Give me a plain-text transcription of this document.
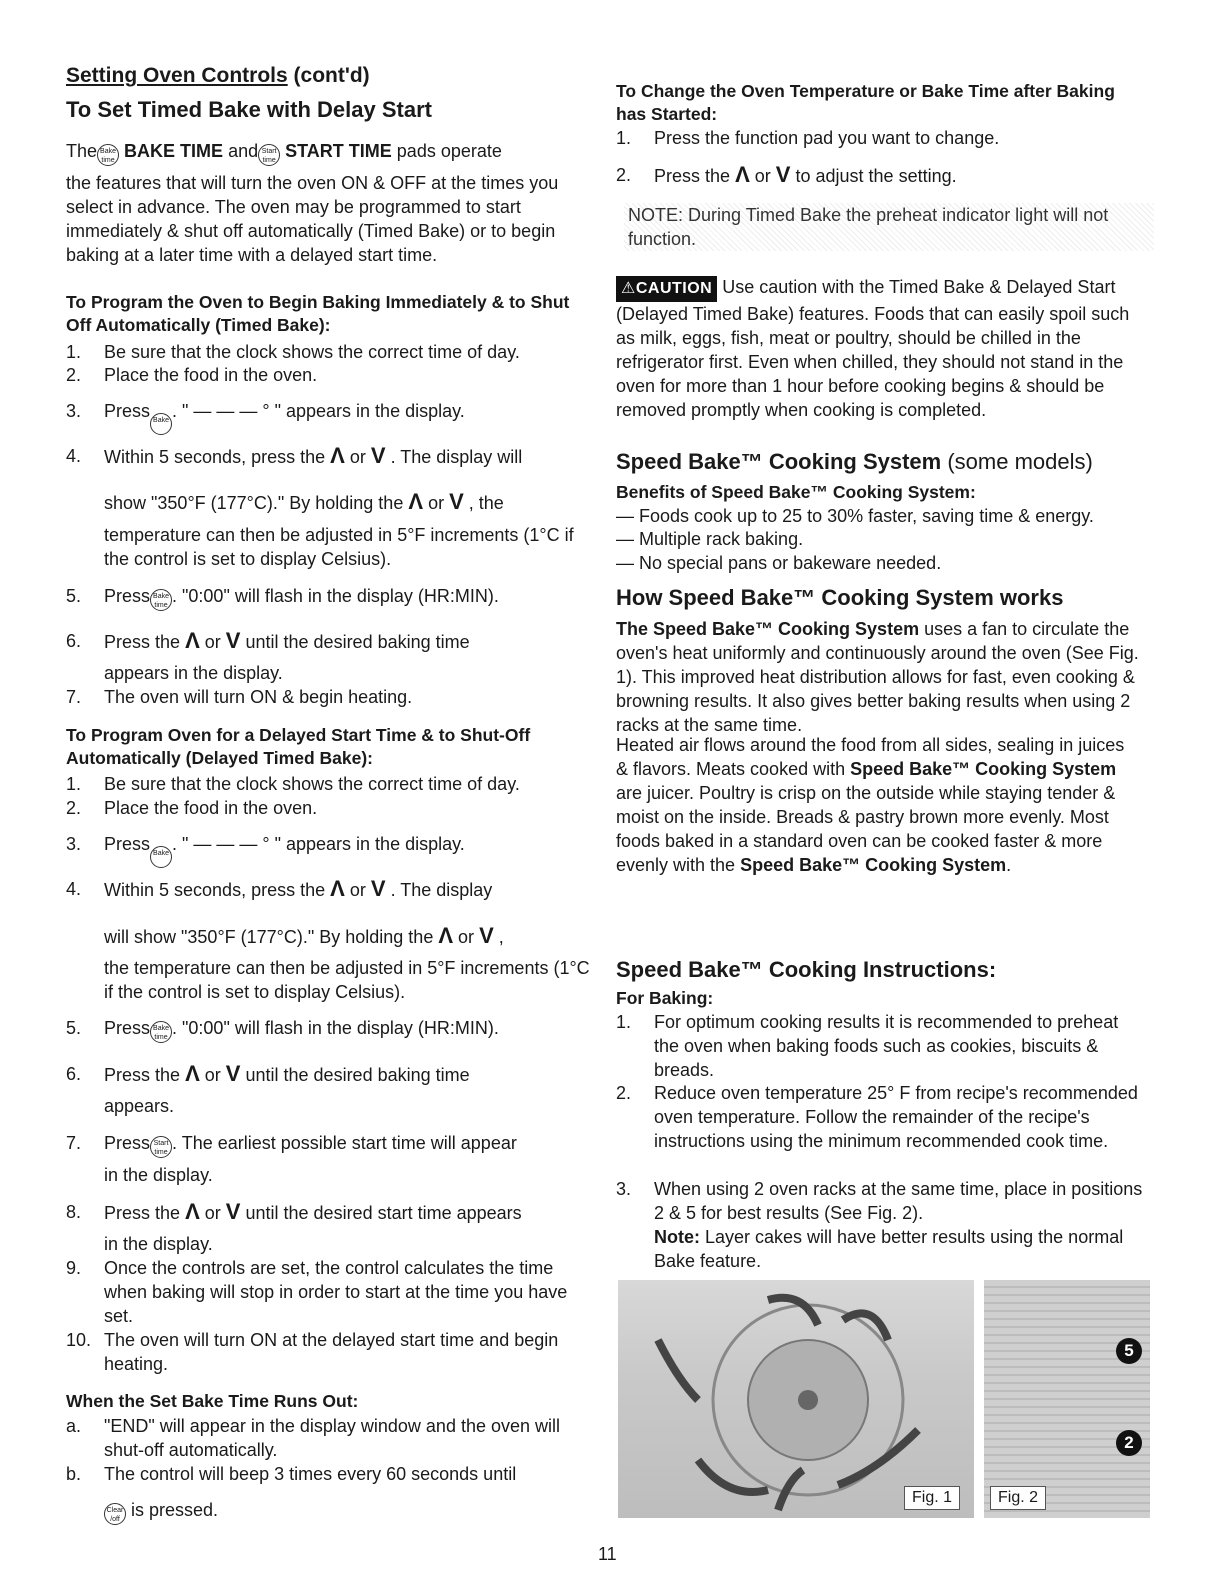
Setting Oven Controls (cont'd)
To Set Timed Bake with Delay Start
The Bake time BAKE TIME and Start time START TIME pads operate
the features that will turn the oven ON & OFF at the times you select in advance. The oven may be programmed to start immediately & shut off automatically (Timed Bake) or to begin baking at a later time with a delayed start time.
To Program the Oven to Begin Baking Immediately & to Shut Off Automatically (Timed Bake):
1. Be sure that the clock shows the correct time of day.
2. Place the food in the oven.
3. Press Bake . " — — — ° " appears in the display.
4. Within 5 seconds, press the Λ or V . The display will
show "350°F (177°C)." By holding the Λ or V , the
temperature can then be adjusted in 5°F increments (1°C if the control is set to display Celsius).
5. Press Bake time . "0:00" will flash in the display (HR:MIN).
6. Press the Λ or V until the desired baking time
appears in the display.
7. The oven will turn ON & begin heating.
To Program Oven for a Delayed Start Time & to Shut-Off Automatically (Delayed Timed Bake):
1. Be sure that the clock shows the correct time of day.
2. Place the food in the oven.
3. Press Bake . " — — — ° " appears in the display.
4. Within 5 seconds, press the Λ or V . The display
will show "350°F (177°C)." By holding the Λ or V ,
the temperature can then be adjusted in 5°F increments (1°C if the control is set to display Celsius).
5. Press Bake time . "0:00" will flash in the display (HR:MIN).
6. Press the Λ or V until the desired baking time
appears.
7. Press Start time . The earliest possible start time will appear
in the display.
8. Press the Λ or V until the desired start time appears
in the display.
9. Once the controls are set, the control calculates the time when baking will stop in order to start at the time you have set.
10. The oven will turn ON at the delayed start time and begin heating.
When the Set Bake Time Runs Out:
a. "END" will appear in the display window and the oven will shut-off automatically.
b. The control will beep 3 times every 60 seconds until
Clear /off is pressed.
To Change the Oven Temperature or Bake Time after Baking has Started:
1. Press the function pad you want to change.
2. Press the Λ or V to adjust the setting.
NOTE: During Timed Bake the preheat indicator light will not function.
⚠CAUTION Use caution with the Timed Bake & Delayed Start (Delayed Timed Bake) features. Foods that can easily spoil such as milk, eggs, fish, meat or poultry, should be chilled in the refrigerator first. Even when chilled, they should not stand in the oven for more than 1 hour before cooking begins & should be removed promptly when cooking is completed.
Speed Bake™ Cooking System (some models)
Benefits of Speed Bake™ Cooking System:
— Foods cook up to 25 to 30% faster, saving time & energy.
— Multiple rack baking.
— No special pans or bakeware needed.
How Speed Bake™ Cooking System works
The Speed Bake™ Cooking System uses a fan to circulate the oven's heat uniformly and continuously around the oven (See Fig. 1). This improved heat distribution allows for fast, even cooking & browning results. It also gives better baking results when using 2 racks at the same time.
Heated air flows around the food from all sides, sealing in juices & flavors. Meats cooked with Speed Bake™ Cooking System are juicer. Poultry is crisp on the outside while staying tender & moist on the inside. Breads & pastry brown more evenly. Most foods baked in a standard oven can be cooked faster & more evenly with the Speed Bake™ Cooking System.
Speed Bake™ Cooking Instructions:
For Baking:
1. For optimum cooking results it is recommended to preheat the oven when baking foods such as cookies, biscuits & breads.
2. Reduce oven temperature 25° F from recipe's recommended oven temperature. Follow the remainder of the recipe's instructions using the minimum recommended cook time.
3. When using 2 oven racks at the same time, place in positions 2 & 5 for best results (See Fig. 2).
Note: Layer cakes will have better results using the normal Bake feature.
Fig. 1
5
2
Fig. 2
11
